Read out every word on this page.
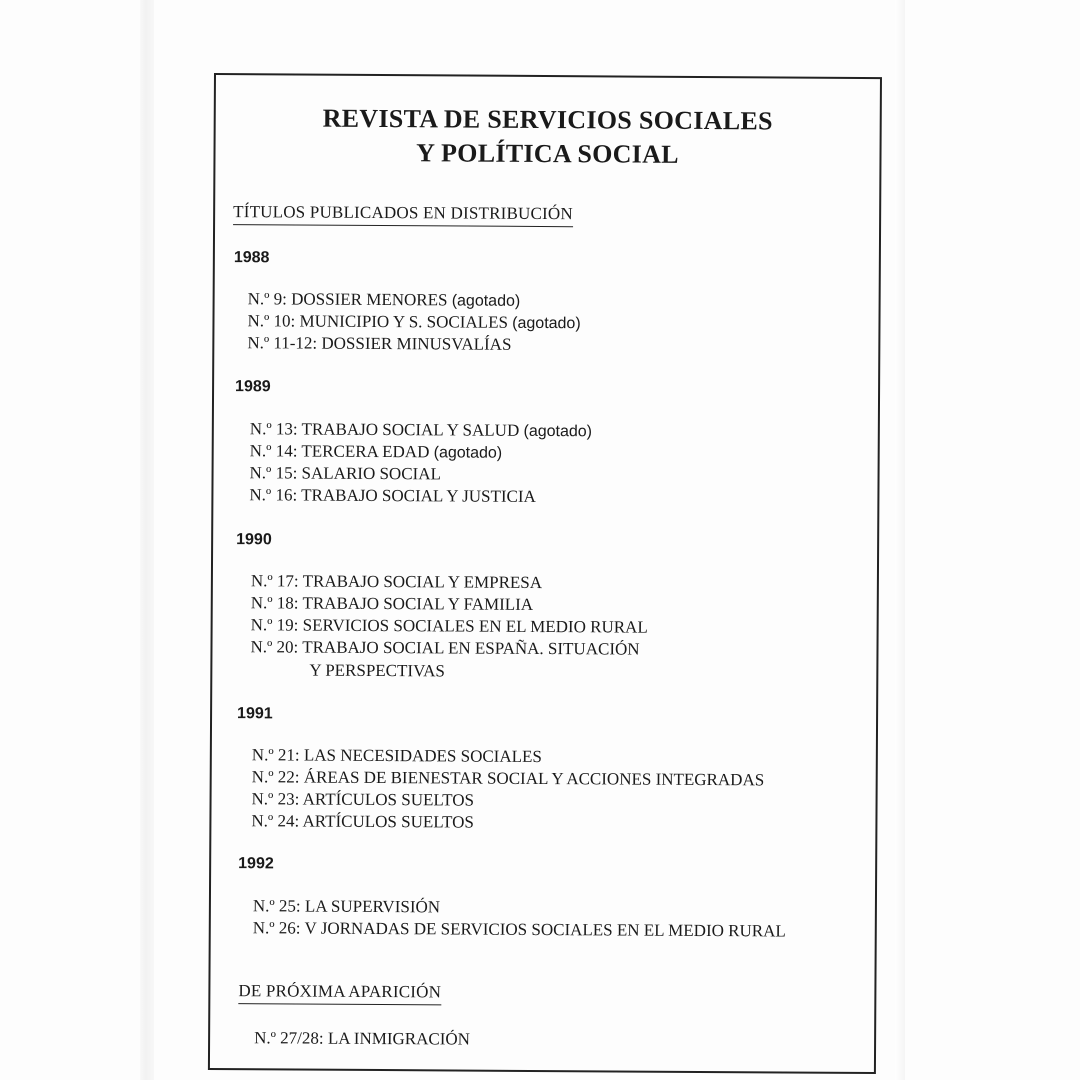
REVISTA DE SERVICIOS SOCIALES
Y POLÍTICA SOCIAL
TÍTULOS PUBLICADOS EN DISTRIBUCIÓN
1988
N.º 9: DOSSIER MENORES (agotado)
N.º 10: MUNICIPIO Y S. SOCIALES (agotado)
N.º 11-12: DOSSIER MINUSVALÍAS
1989
N.º 13: TRABAJO SOCIAL Y SALUD (agotado)
N.º 14: TERCERA EDAD (agotado)
N.º 15: SALARIO SOCIAL
N.º 16: TRABAJO SOCIAL Y JUSTICIA
1990
N.º 17: TRABAJO SOCIAL Y EMPRESA
N.º 18: TRABAJO SOCIAL Y FAMILIA
N.º 19: SERVICIOS SOCIALES EN EL MEDIO RURAL
N.º 20: TRABAJO SOCIAL EN ESPAÑA. SITUACIÓN
Y PERSPECTIVAS
1991
N.º 21: LAS NECESIDADES SOCIALES
N.º 22: ÁREAS DE BIENESTAR SOCIAL Y ACCIONES INTEGRADAS
N.º 23: ARTÍCULOS SUELTOS
N.º 24: ARTÍCULOS SUELTOS
1992
N.º 25: LA SUPERVISIÓN
N.º 26: V JORNADAS DE SERVICIOS SOCIALES EN EL MEDIO RURAL
DE PRÓXIMA APARICIÓN
N.º 27/28: LA INMIGRACIÓN
